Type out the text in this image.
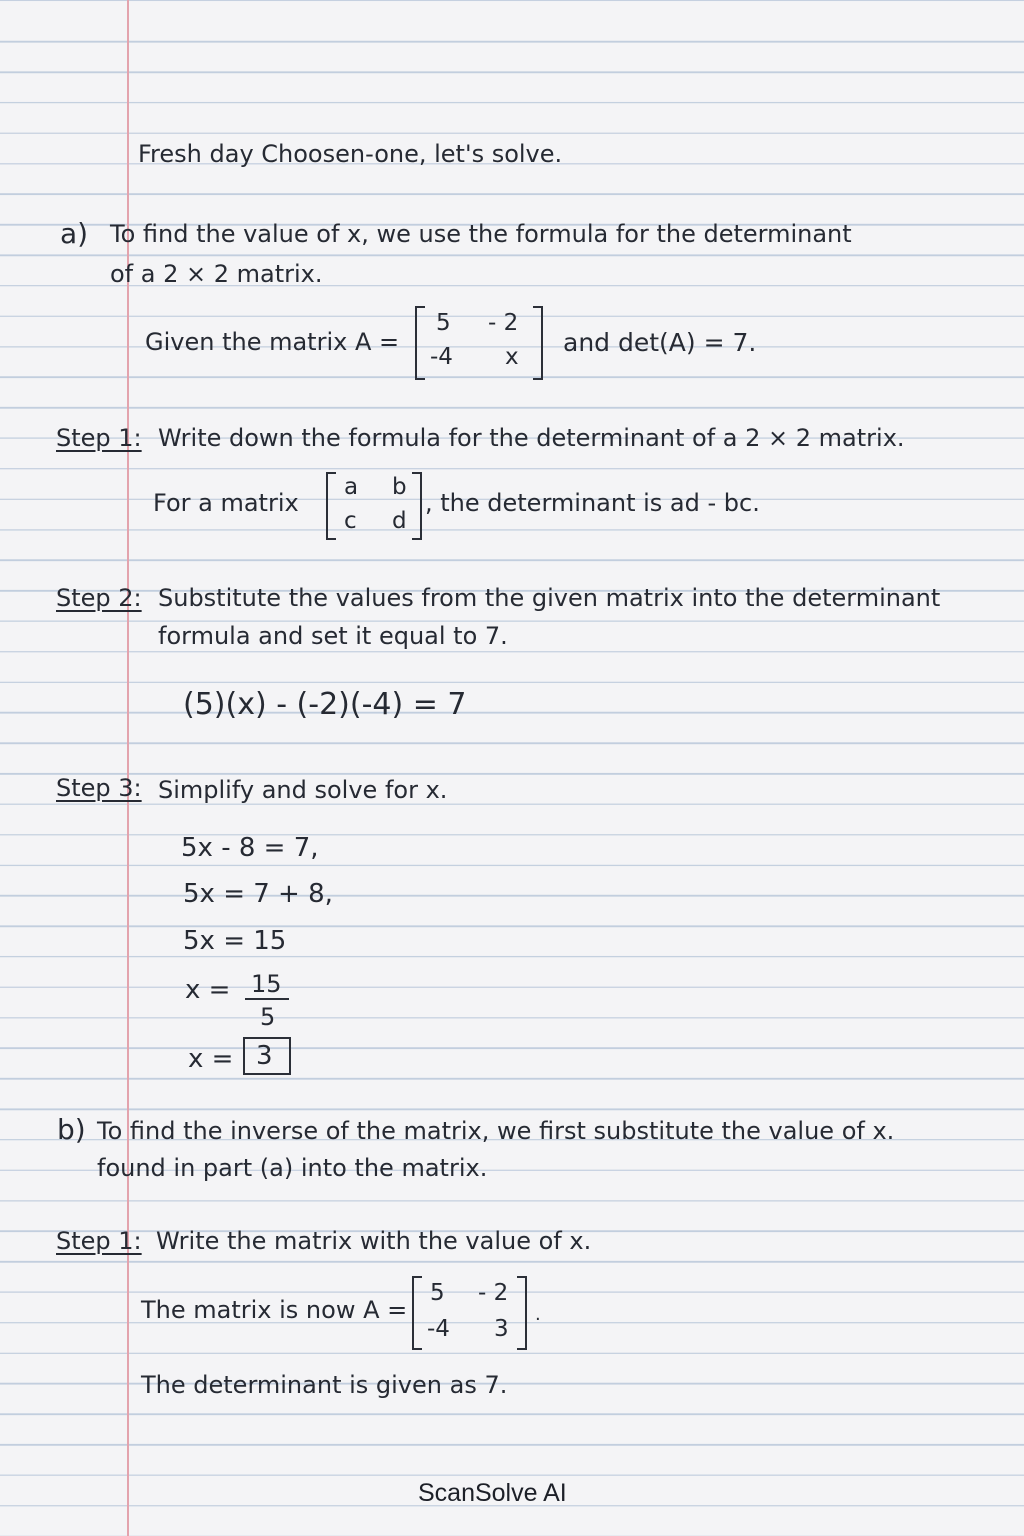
Fresh day Choosen-one, let's solve.
a) To find the value of x, we use the formula for the determinant
of a 2 × 2 matrix.
Given the matrix A =
5 - 2
-4 x and det(A) = 7.
Step 1: Write down the formula for the determinant of a 2 × 2 matrix.
For a matrix
a b
c d
, the determinant is ad - bc.
Step 2: Substitute the values from the given matrix into the determinant
formula and set it equal to 7.
(5)(x) - (-2)(-4) = 7
Step 3: Simplify and solve for x.
5x - 8 = 7,
5x = 7 + 8,
5x = 15
x = 15
5
x = 3
b) To find the inverse of the matrix, we first substitute the value of x.
found in part (a) into the matrix.
Step 1: Write the matrix with the value of x.
The matrix is now A =
5 - 2
-4 3
.
The determinant is given as 7.
ScanSolve AI
